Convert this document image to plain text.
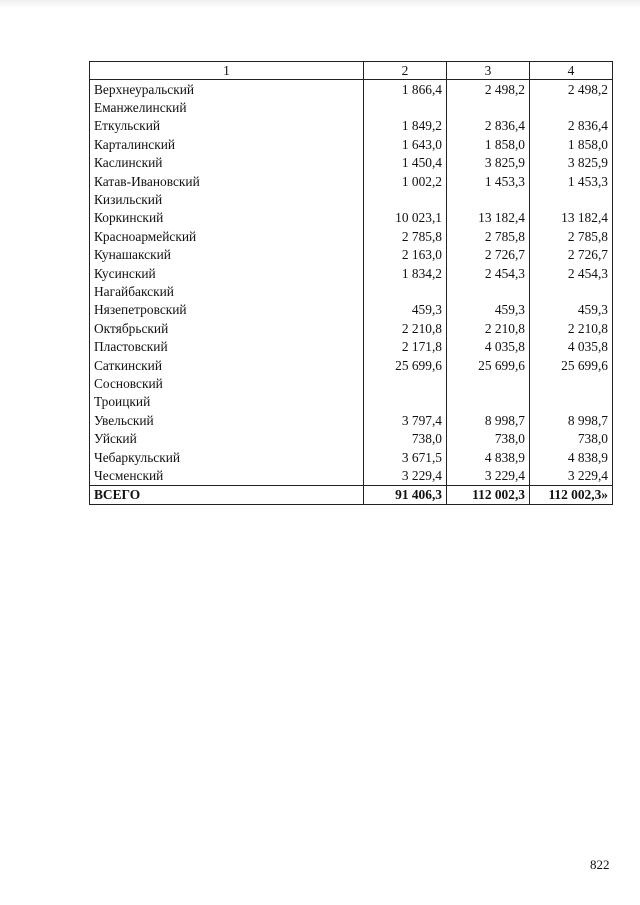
1	2	3	4
Верхнеуральский	1 866,4	2 498,2	2 498,2
Еманжелинский			
Еткульский	1 849,2	2 836,4	2 836,4
Карталинский	1 643,0	1 858,0	1 858,0
Каслинский	1 450,4	3 825,9	3 825,9
Катав-Ивановский	1 002,2	1 453,3	1 453,3
Кизильский			
Коркинский	10 023,1	13 182,4	13 182,4
Красноармейский	2 785,8	2 785,8	2 785,8
Кунашакский	2 163,0	2 726,7	2 726,7
Кусинский	1 834,2	2 454,3	2 454,3
Нагайбакский			
Нязепетровский	459,3	459,3	459,3
Октябрьский	2 210,8	2 210,8	2 210,8
Пластовский	2 171,8	4 035,8	4 035,8
Саткинский	25 699,6	25 699,6	25 699,6
Сосновский			
Троицкий			
Увельский	3 797,4	8 998,7	8 998,7
Уйский	738,0	738,0	738,0
Чебаркульский	3 671,5	4 838,9	4 838,9
Чесменский	3 229,4	3 229,4	3 229,4
ВСЕГО	91 406,3	112 002,3	112 002,3»
822
